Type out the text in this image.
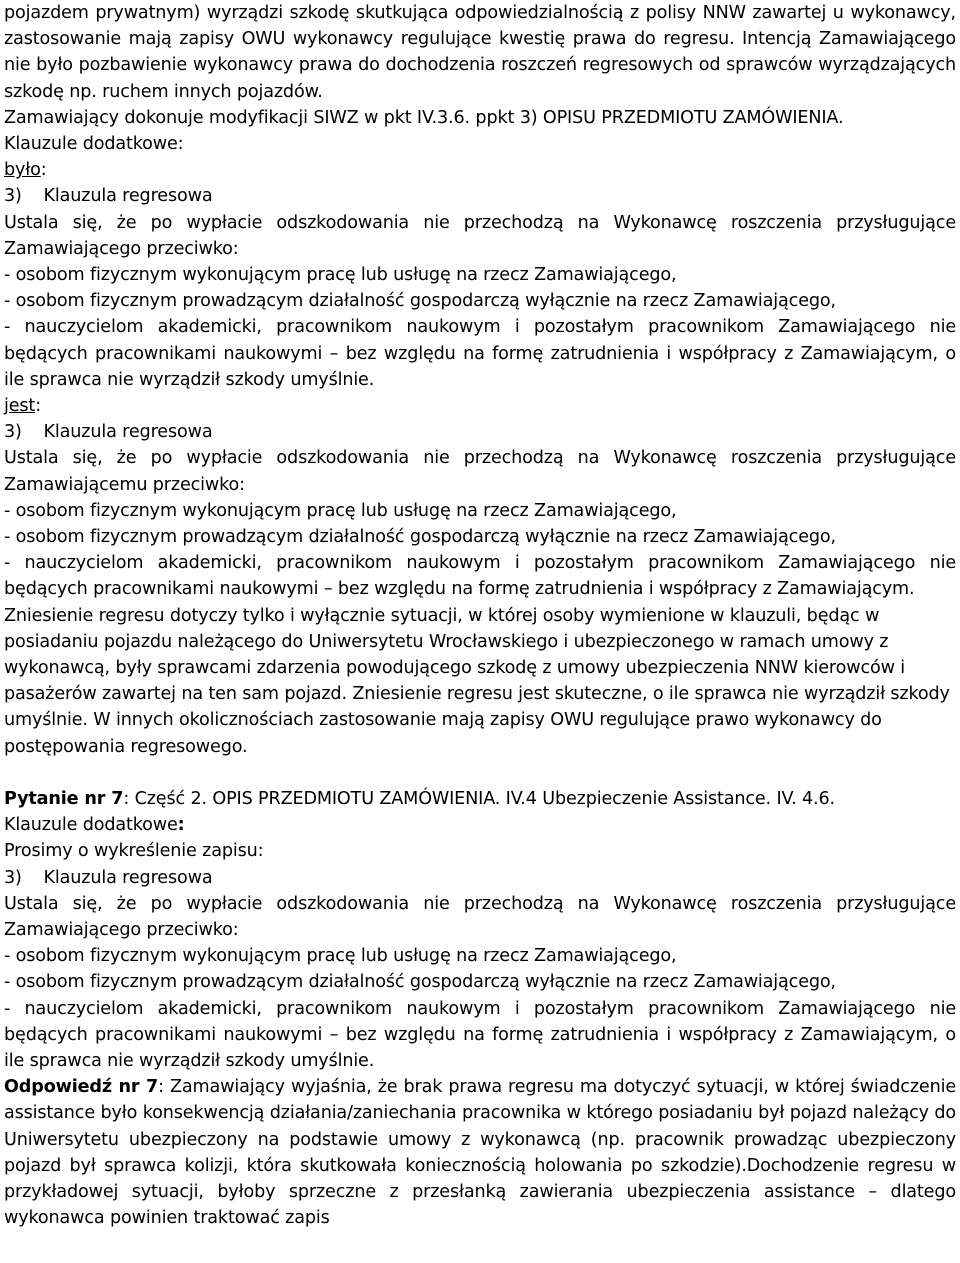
pojazdem prywatnym) wyrządzi szkodę skutkująca odpowiedzialnością z polisy NNW zawartej u wykonawcy, zastosowanie mają zapisy OWU wykonawcy regulujące kwestię prawa do regresu. Intencją Zamawiającego nie było pozbawienie wykonawcy prawa do dochodzenia roszczeń regresowych od sprawców wyrządzających szkodę np. ruchem innych pojazdów.

Zamawiający dokonuje modyfikacji SIWZ w pkt IV.3.6. ppkt 3) OPISU PRZEDMIOTU ZAMÓWIENIA.

Klauzule dodatkowe:

było:

3)    Klauzula regresowa

Ustala się, że po wypłacie odszkodowania nie przechodzą na Wykonawcę roszczenia przysługujące Zamawiającego przeciwko:

- osobom fizycznym wykonującym pracę lub usługę na rzecz Zamawiającego,

- osobom fizycznym prowadzącym działalność gospodarczą wyłącznie na rzecz Zamawiającego,

- nauczycielom akademicki, pracownikom naukowym i pozostałym pracownikom Zamawiającego nie będących pracownikami naukowymi – bez względu na formę zatrudnienia i współpracy z Zamawiającym, o ile sprawca nie wyrządził szkody umyślnie.

jest:

3)    Klauzula regresowa

Ustala się, że po wypłacie odszkodowania nie przechodzą na Wykonawcę roszczenia przysługujące Zamawiającemu przeciwko:

- osobom fizycznym wykonującym pracę lub usługę na rzecz Zamawiającego,

- osobom fizycznym prowadzącym działalność gospodarczą wyłącznie na rzecz Zamawiającego,

- nauczycielom akademicki, pracownikom naukowym i pozostałym pracownikom Zamawiającego nie będących pracownikami naukowymi – bez względu na formę zatrudnienia i współpracy z Zamawiającym.

Zniesienie regresu dotyczy tylko i wyłącznie sytuacji, w której osoby wymienione w klauzuli, będąc w posiadaniu pojazdu należącego do Uniwersytetu Wrocławskiego i ubezpieczonego w ramach umowy z wykonawcą, były sprawcami zdarzenia powodującego szkodę z umowy ubezpieczenia NNW kierowców i pasażerów zawartej na ten sam pojazd. Zniesienie regresu jest skuteczne, o ile sprawca nie wyrządził szkody umyślnie. W innych okolicznościach zastosowanie mają zapisy OWU regulujące prawo wykonawcy do postępowania regresowego.

Pytanie nr 7: Część 2. OPIS PRZEDMIOTU ZAMÓWIENIA. IV.4 Ubezpieczenie Assistance. IV. 4.6.

Klauzule dodatkowe:

Prosimy o wykreślenie zapisu:

3)    Klauzula regresowa

Ustala się, że po wypłacie odszkodowania nie przechodzą na Wykonawcę roszczenia przysługujące Zamawiającego przeciwko:

- osobom fizycznym wykonującym pracę lub usługę na rzecz Zamawiającego,

- osobom fizycznym prowadzącym działalność gospodarczą wyłącznie na rzecz Zamawiającego,

- nauczycielom akademicki, pracownikom naukowym i pozostałym pracownikom Zamawiającego nie będących pracownikami naukowymi – bez względu na formę zatrudnienia i współpracy z Zamawiającym, o ile sprawca nie wyrządził szkody umyślnie.

Odpowiedź nr 7: Zamawiający wyjaśnia, że brak prawa regresu ma dotyczyć sytuacji, w której świadczenie assistance było konsekwencją działania/zaniechania pracownika w którego posiadaniu był pojazd należący do Uniwersytetu ubezpieczony na podstawie umowy z wykonawcą (np. pracownik prowadząc ubezpieczony pojazd był sprawca kolizji, która skutkowała koniecznością holowania po szkodzie).Dochodzenie regresu w przykładowej sytuacji, byłoby sprzeczne z przesłanką zawierania ubezpieczenia assistance – dlatego wykonawca powinien traktować zapis
